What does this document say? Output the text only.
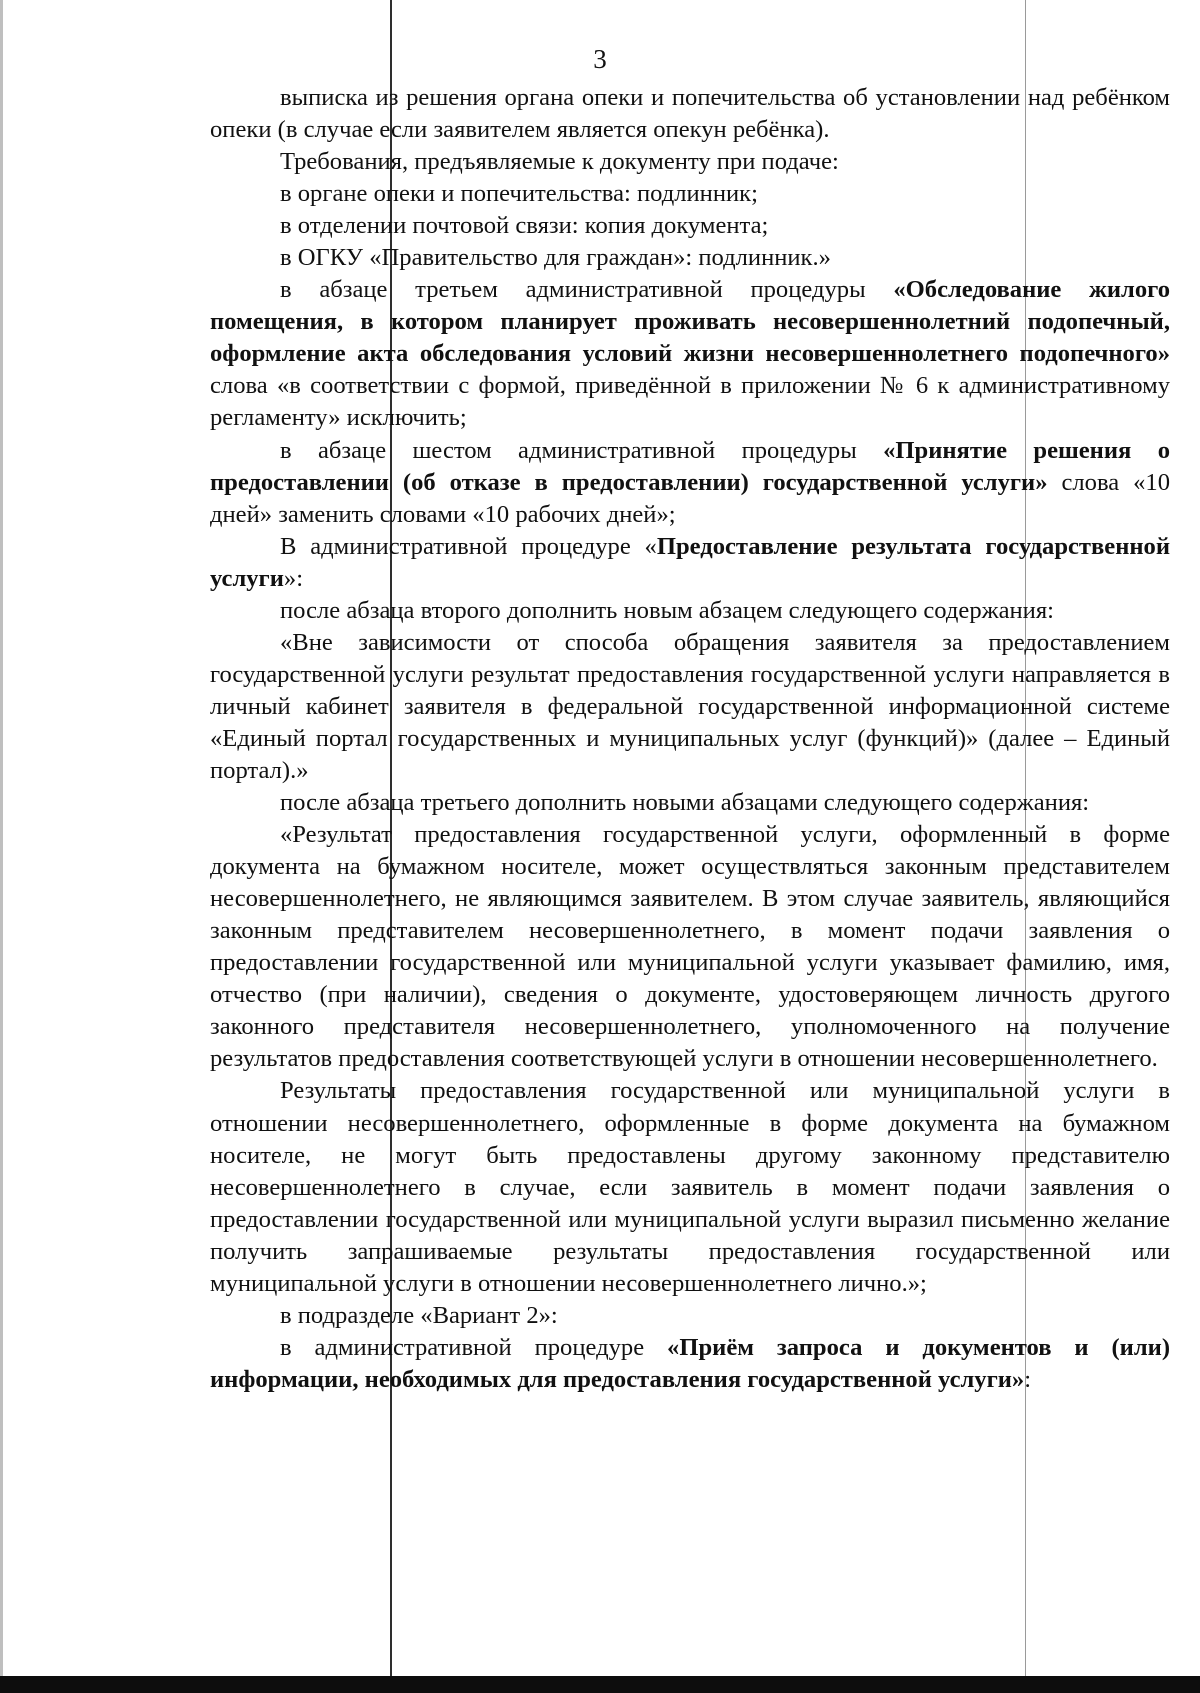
3

выписка из решения органа опеки и попечительства об установлении над ребёнком опеки (в случае если заявителем является опекун ребёнка).

Требования, предъявляемые к документу при подаче:

в органе опеки и попечительства: подлинник;

в отделении почтовой связи: копия документа;

в ОГКУ «Правительство для граждан»: подлинник.»

в абзаце третьем административной процедуры «Обследование жилого помещения, в котором планирует проживать несовершеннолетний подопечный, оформление акта обследования условий жизни несовершеннолетнего подопечного» слова «в соответствии с формой, приведённой в приложении № 6 к административному регламенту» исключить;

в абзаце шестом административной процедуры «Принятие решения о предоставлении (об отказе в предоставлении) государственной услуги» слова «10 дней» заменить словами «10 рабочих дней»;

В административной процедуре «Предоставление результата государственной услуги»:

после абзаца второго дополнить новым абзацем следующего содержания:

«Вне зависимости от способа обращения заявителя за предоставлением государственной услуги результат предоставления государственной услуги направляется в личный кабинет заявителя в федеральной государственной информационной системе «Единый портал государственных и муниципальных услуг (функций)» (далее – Единый портал).»

после абзаца третьего дополнить новыми абзацами следующего содержания:

«Результат предоставления государственной услуги, оформленный в форме документа на бумажном носителе, может осуществляться законным представителем несовершеннолетнего, не являющимся заявителем. В этом случае заявитель, являющийся законным представителем несовершеннолетнего, в момент подачи заявления о предоставлении государственной или муниципальной услуги указывает фамилию, имя, отчество (при наличии), сведения о документе, удостоверяющем личность другого законного представителя несовершеннолетнего, уполномоченного на получение результатов предоставления соответствующей услуги в отношении несовершеннолетнего.

Результаты предоставления государственной или муниципальной услуги в отношении несовершеннолетнего, оформленные в форме документа на бумажном носителе, не могут быть предоставлены другому законному представителю несовершеннолетнего в случае, если заявитель в момент подачи заявления о предоставлении государственной или муниципальной услуги выразил письменно желание получить запрашиваемые результаты предоставления государственной или муниципальной услуги в отношении несовершеннолетнего лично.»;

в подразделе «Вариант 2»:

в административной процедуре «Приём запроса и документов и (или) информации, необходимых для предоставления государственной услуги»:
